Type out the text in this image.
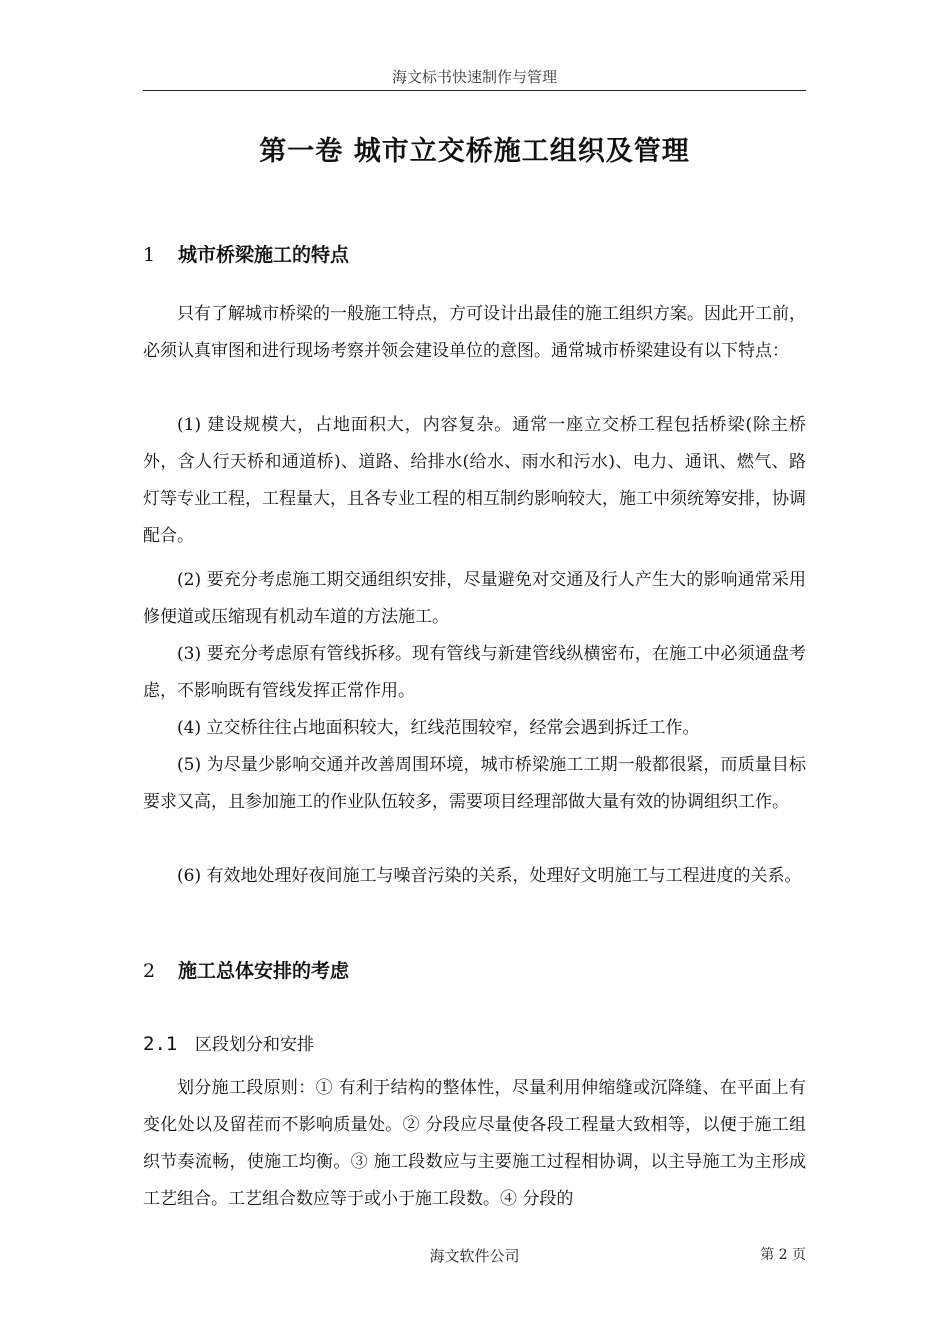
海文标书快速制作与管理
第一卷 城市立交桥施工组织及管理
1 城市桥梁施工的特点

只有了解城市桥梁的一般施工特点，方可设计出最佳的施工组织方案。因此开工前，必须认真审图和进行现场考察并领会建设单位的意图。通常城市桥梁建设有以下特点：

(1) 建设规模大，占地面积大，内容复杂。通常一座立交桥工程包括桥梁(除主桥外，含人行天桥和通道桥)、道路、给排水(给水、雨水和污水)、电力、通讯、燃气、路灯等专业工程，工程量大，且各专业工程的相互制约影响较大，施工中须统筹安排，协调配合。

(2) 要充分考虑施工期交通组织安排，尽量避免对交通及行人产生大的影响通常采用修便道或压缩现有机动车道的方法施工。

(3) 要充分考虑原有管线拆移。现有管线与新建管线纵横密布，在施工中必须通盘考虑，不影响既有管线发挥正常作用。

(4) 立交桥往往占地面积较大，红线范围较窄，经常会遇到拆迁工作。

(5) 为尽量少影响交通并改善周围环境，城市桥梁施工工期一般都很紧，而质量目标要求又高，且参加施工的作业队伍较多，需要项目经理部做大量有效的协调组织工作。

(6) 有效地处理好夜间施工与噪音污染的关系，处理好文明施工与工程进度的关系。

2 施工总体安排的考虑
2.1 区段划分和安排

划分施工段原则：① 有利于结构的整体性，尽量利用伸缩缝或沉降缝、在平面上有变化处以及留茬而不影响质量处。② 分段应尽量使各段工程量大致相等，以便于施工组织节奏流畅，使施工均衡。③ 施工段数应与主要施工过程相协调，以主导施工为主形成工艺组合。工艺组合数应等于或小于施工段数。④ 分段的

海文软件公司	第 2 页
